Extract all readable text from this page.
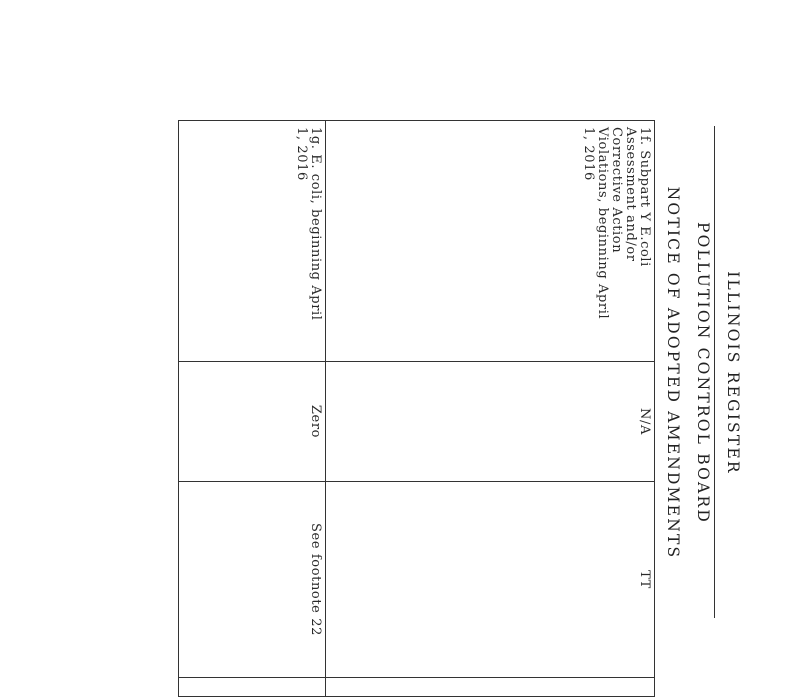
ILLINOIS REGISTER
POLLUTION CONTROL BOARD
NOTICE OF ADOPTED AMENDMENTS
1f. Subpart Y E.coli Assessment and/or Corrective Action Violations, beginning April 1, 2016	N/A	TT	

1g. E. coli, beginning April 1, 2016	Zero	See footnote 22	
